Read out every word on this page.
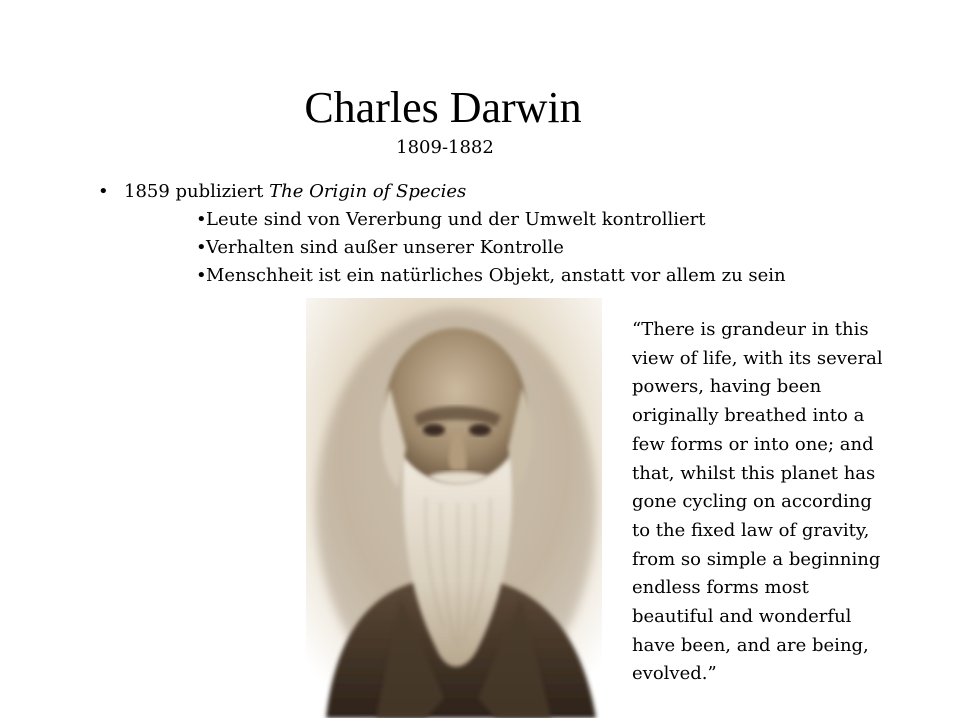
Charles Darwin
1809-1882
• 1859 publiziert The Origin of Species
• Leute sind von Vererbung und der Umwelt kontrolliert
• Verhalten sind außer unserer Kontrolle
• Menschheit ist ein natürliches Objekt, anstatt vor allem zu sein
“There is grandeur in this
view of life, with its several
powers, having been
originally breathed into a
few forms or into one; and
that, whilst this planet has
gone cycling on according
to the fixed law of gravity,
from so simple a beginning
endless forms most
beautiful and wonderful
have been, and are being,
evolved.”
